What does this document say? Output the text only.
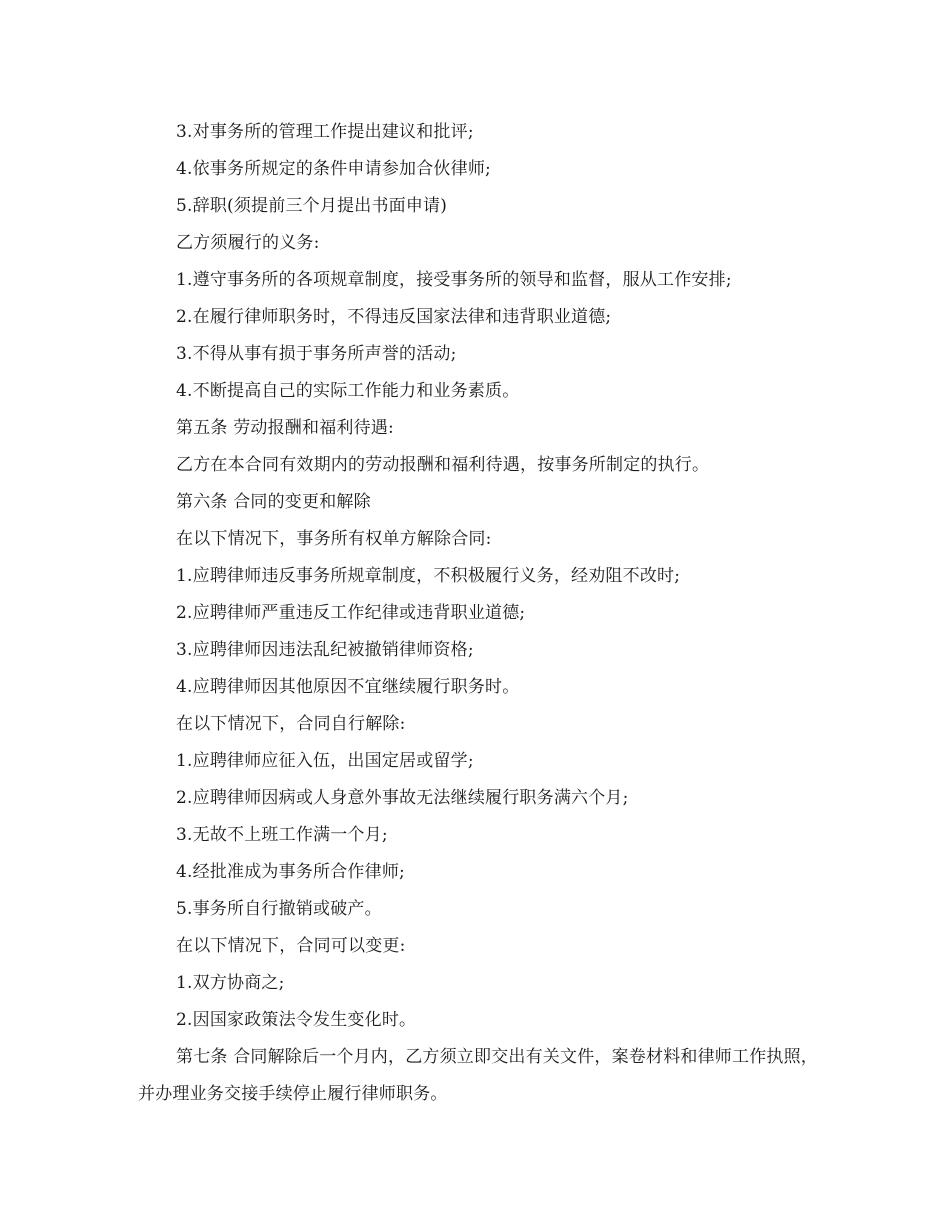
3.对事务所的管理工作提出建议和批评;
4.依事务所规定的条件申请参加合伙律师;
5.辞职(须提前三个月提出书面申请)
乙方须履行的义务:
1.遵守事务所的各项规章制度，接受事务所的领导和监督，服从工作安排;
2.在履行律师职务时，不得违反国家法律和违背职业道德;
3.不得从事有损于事务所声誉的活动;
4.不断提高自己的实际工作能力和业务素质。
第五条 劳动报酬和福利待遇:
乙方在本合同有效期内的劳动报酬和福利待遇，按事务所制定的执行。
第六条 合同的变更和解除
在以下情况下，事务所有权单方解除合同:
1.应聘律师违反事务所规章制度，不积极履行义务，经劝阻不改时;
2.应聘律师严重违反工作纪律或违背职业道德;
3.应聘律师因违法乱纪被撤销律师资格;
4.应聘律师因其他原因不宜继续履行职务时。
在以下情况下，合同自行解除:
1.应聘律师应征入伍，出国定居或留学;
2.应聘律师因病或人身意外事故无法继续履行职务满六个月;
3.无故不上班工作满一个月;
4.经批准成为事务所合作律师;
5.事务所自行撤销或破产。
在以下情况下，合同可以变更:
1.双方协商之;
2.因国家政策法令发生变化时。

第七条 合同解除后一个月内，乙方须立即交出有关文件，案卷材料和律师工作执照，并办理业务交接手续停止履行律师职务。
